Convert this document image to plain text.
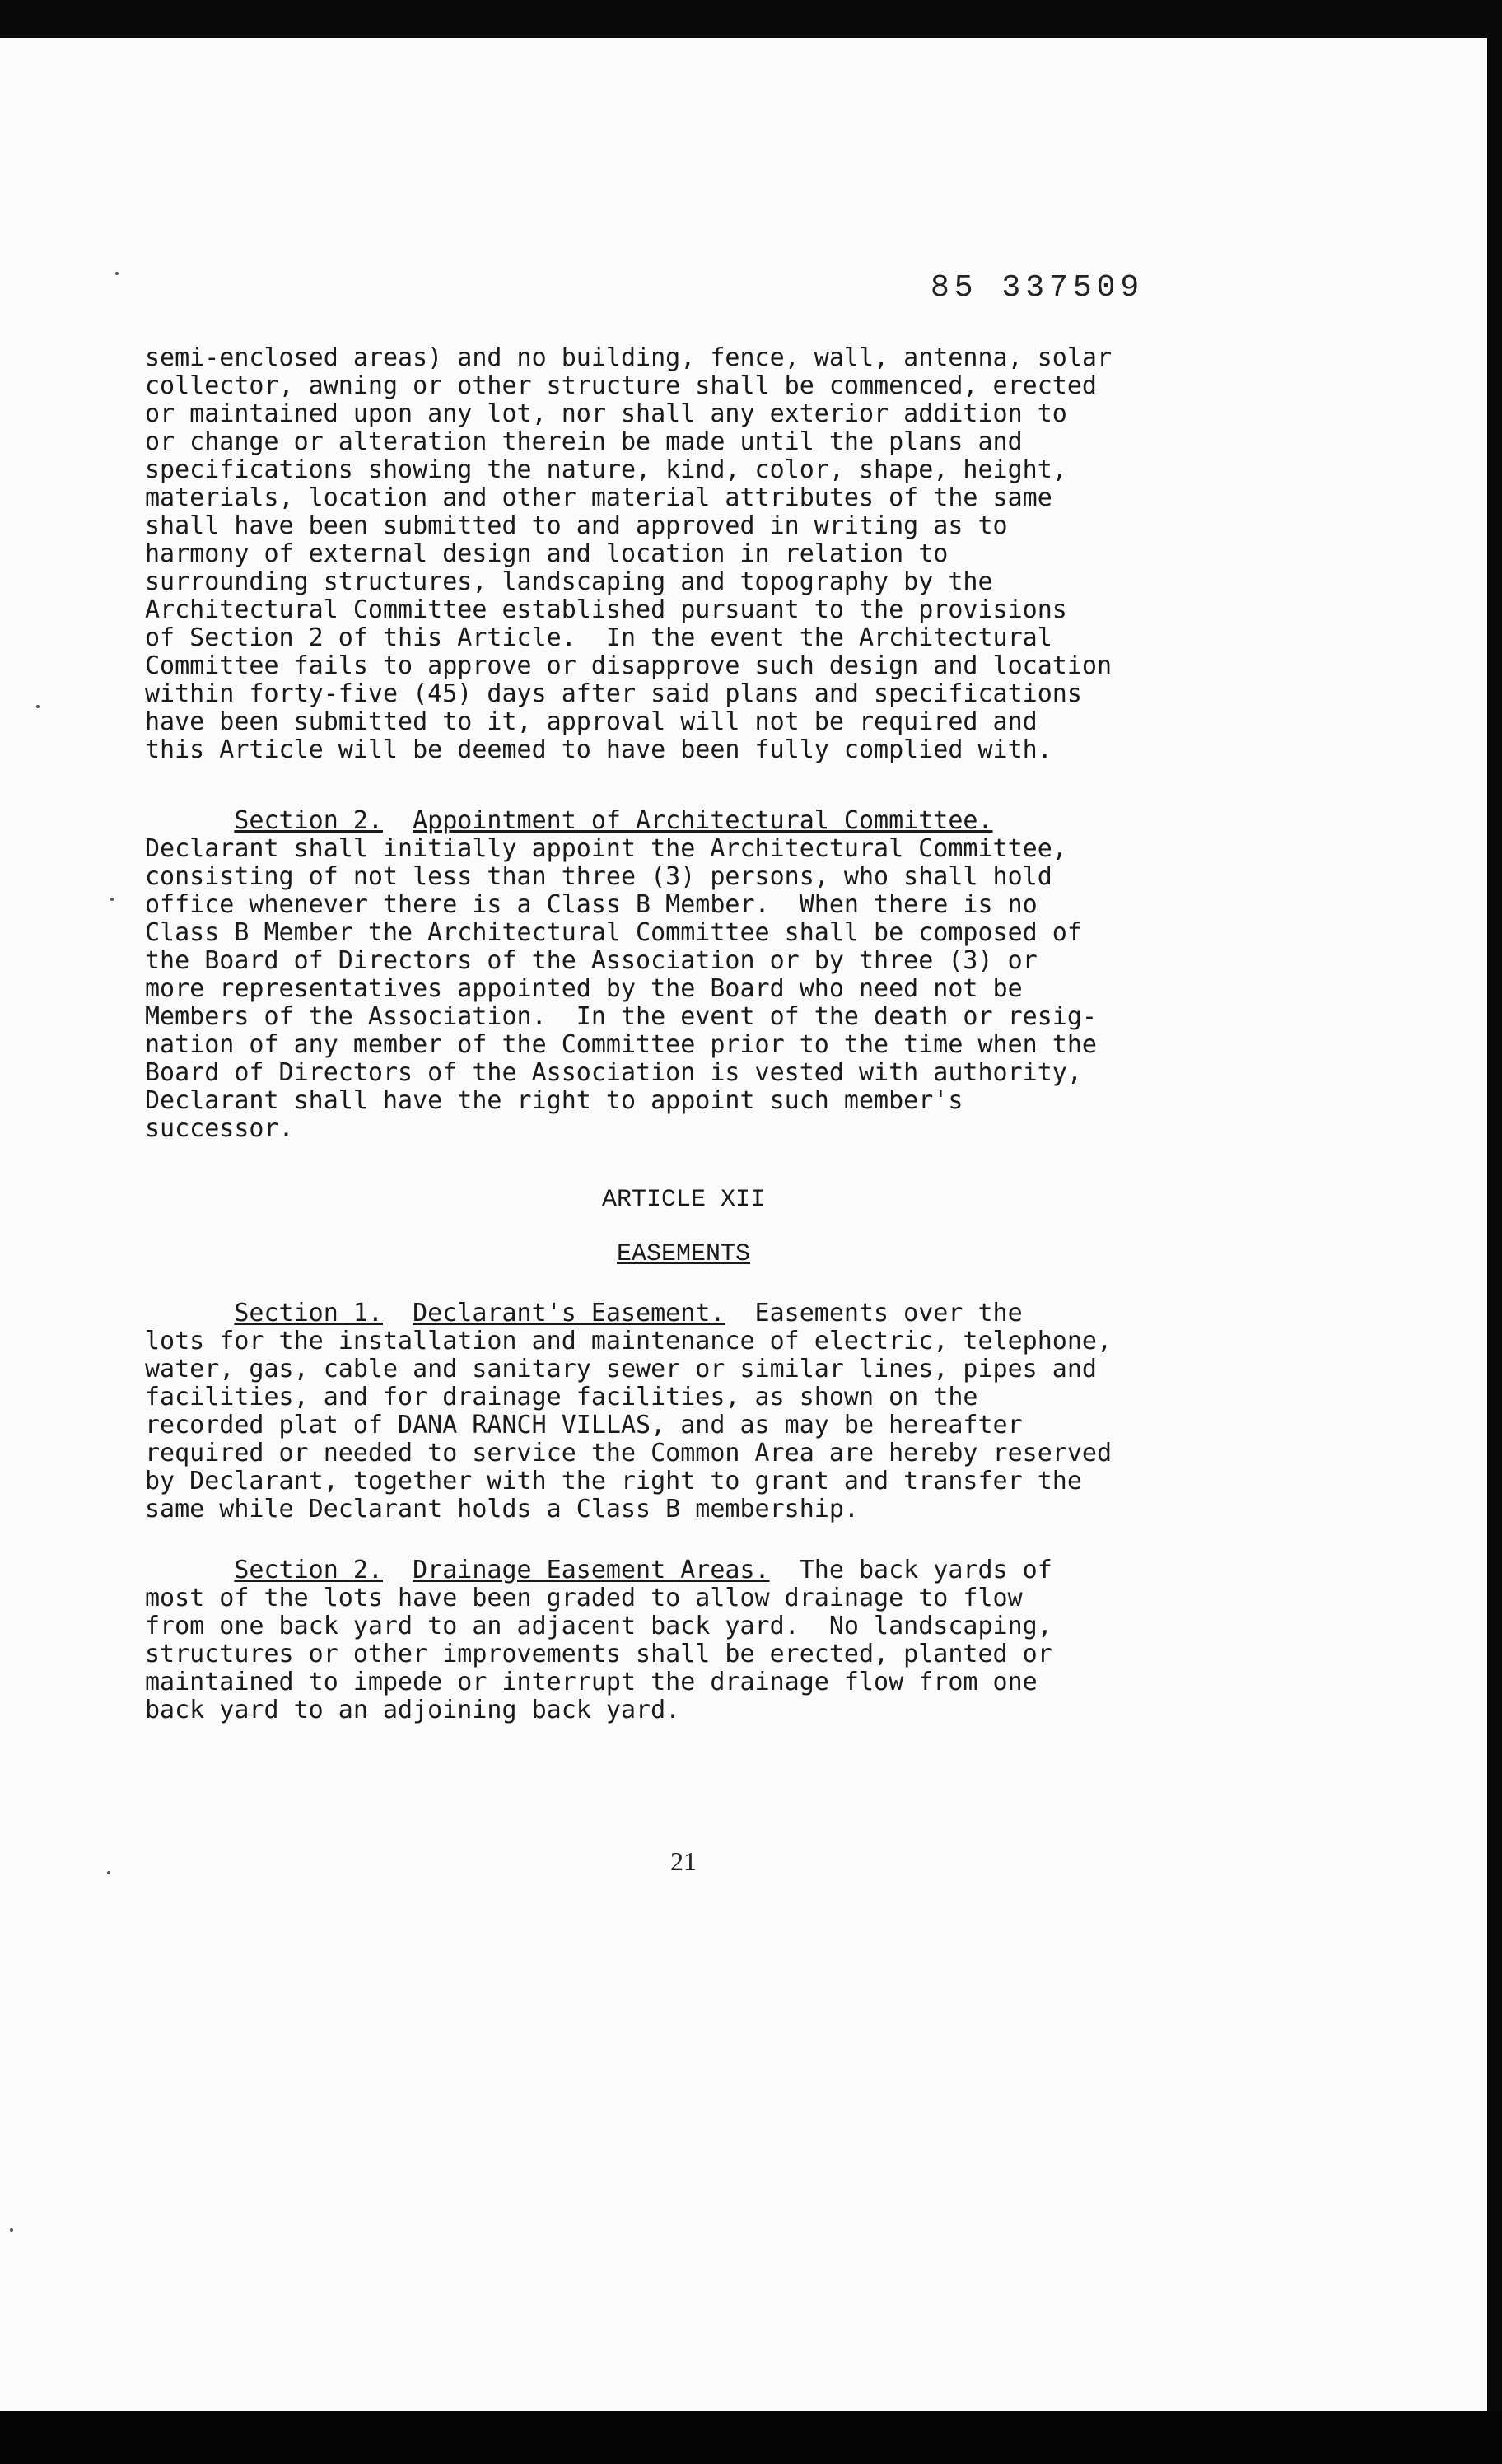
85 337509
semi-enclosed areas) and no building, fence, wall, antenna, solar
collector, awning or other structure shall be commenced, erected
or maintained upon any lot, nor shall any exterior addition to
or change or alteration therein be made until the plans and
specifications showing the nature, kind, color, shape, height,
materials, location and other material attributes of the same
shall have been submitted to and approved in writing as to
harmony of external design and location in relation to
surrounding structures, landscaping and topography by the
Architectural Committee established pursuant to the provisions
of Section 2 of this Article.  In the event the Architectural
Committee fails to approve or disapprove such design and location
within forty-five (45) days after said plans and specifications
have been submitted to it, approval will not be required and
this Article will be deemed to have been fully complied with.
Section 2. Appointment of Architectural Committee.
Declarant shall initially appoint the Architectural Committee,
consisting of not less than three (3) persons, who shall hold
office whenever there is a Class B Member.  When there is no
Class B Member the Architectural Committee shall be composed of
the Board of Directors of the Association or by three (3) or
more representatives appointed by the Board who need not be
Members of the Association.  In the event of the death or resig-
nation of any member of the Committee prior to the time when the
Board of Directors of the Association is vested with authority,
Declarant shall have the right to appoint such member's
successor.
ARTICLE XII
EASEMENTS
Section 1. Declarant's Easement.  Easements over the
lots for the installation and maintenance of electric, telephone,
water, gas, cable and sanitary sewer or similar lines, pipes and
facilities, and for drainage facilities, as shown on the
recorded plat of DANA RANCH VILLAS, and as may be hereafter
required or needed to service the Common Area are hereby reserved
by Declarant, together with the right to grant and transfer the
same while Declarant holds a Class B membership.
Section 2. Drainage Easement Areas.  The back yards of
most of the lots have been graded to allow drainage to flow
from one back yard to an adjacent back yard.  No landscaping,
structures or other improvements shall be erected, planted or
maintained to impede or interrupt the drainage flow from one
back yard to an adjoining back yard.
21
